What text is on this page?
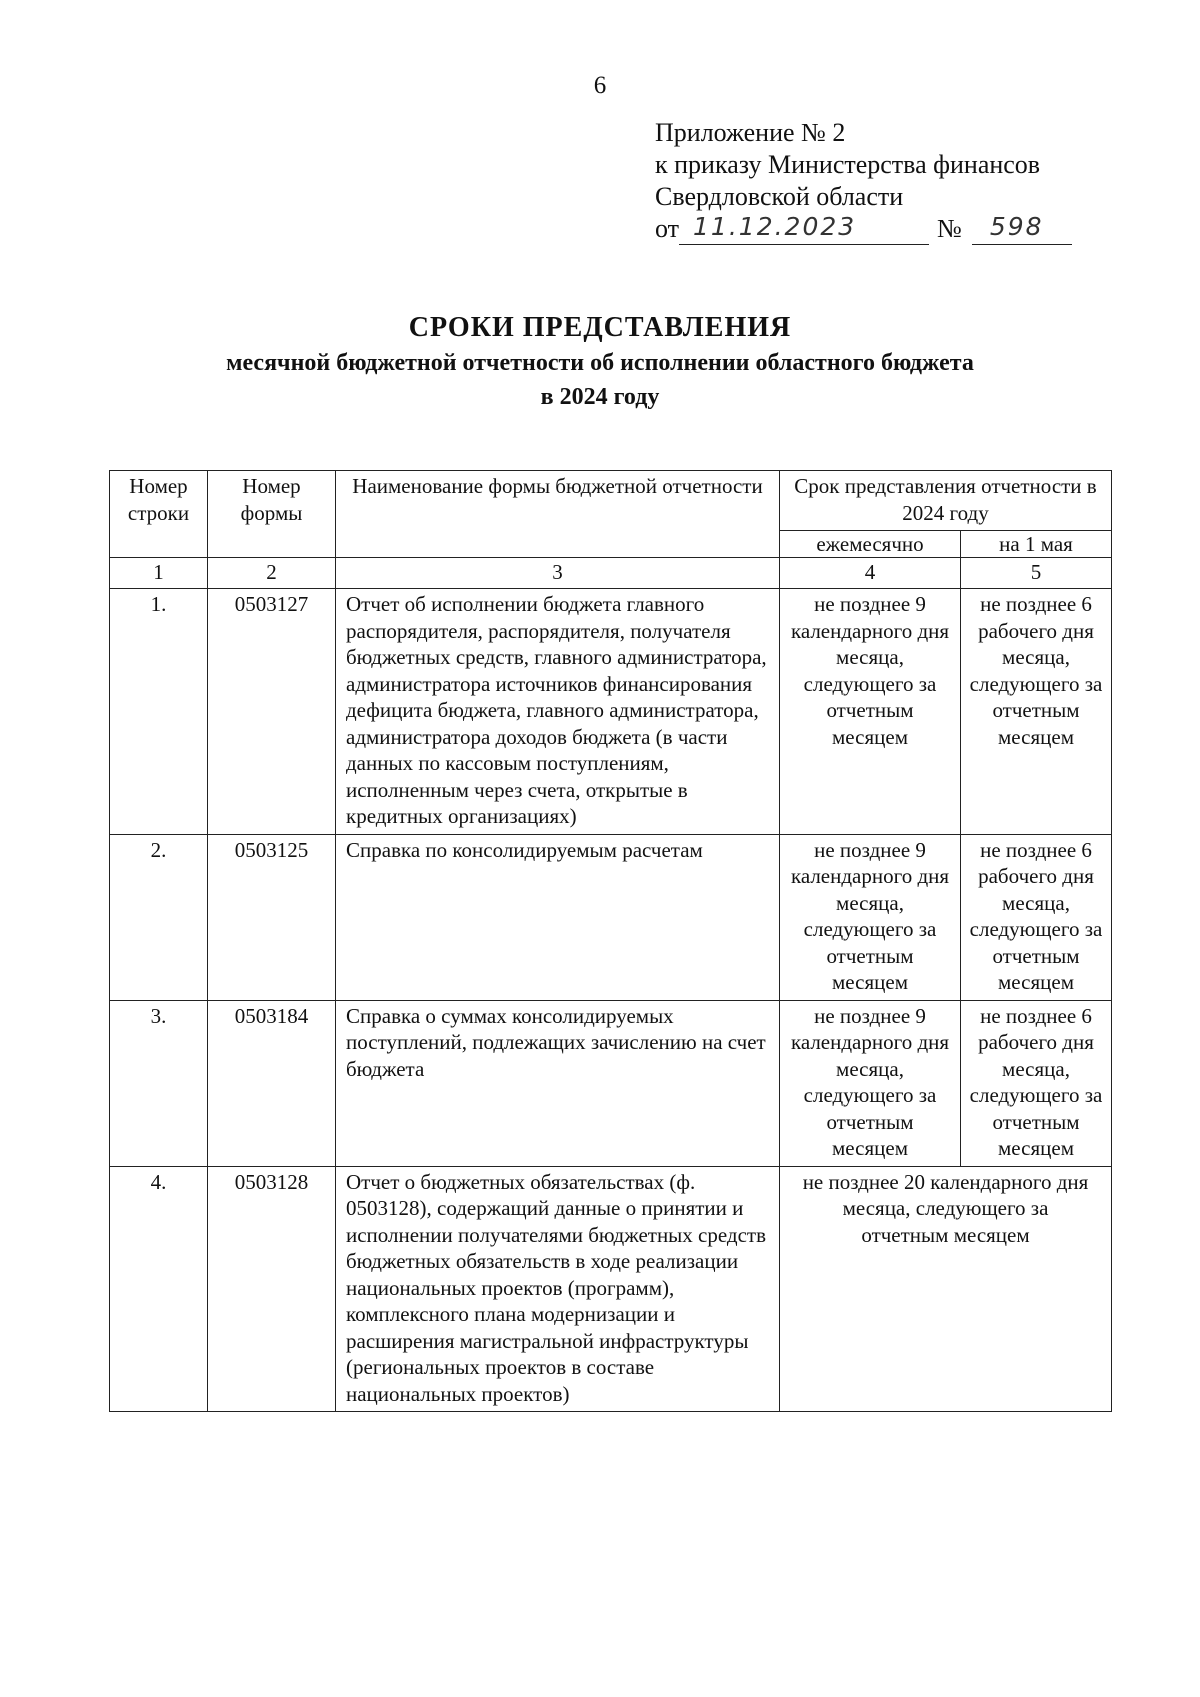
6
Приложение № 2
к приказу Министерства финансов
Свердловской области
от 11.12.2023	№ 598
СРОКИ ПРЕДСТАВЛЕНИЯ
месячной бюджетной отчетности об исполнении областного бюджета
в 2024 году
Номер строки	Номер формы	Наименование формы бюджетной отчетности	Срок представления отчетности в 2024 году	
			ежемесячно	на 1 мая
1	2	3	4	5
1.	0503127	Отчет об исполнении бюджета главного распорядителя, распорядителя, получателя бюджетных средств, главного администратора, администратора источников финансирования дефицита бюджета, главного администратора, администратора доходов бюджета (в части данных по кассовым поступлениям, исполненным через счета, открытые в кредитных организациях)	не позднее 9 календарного дня месяца, следующего за отчетным месяцем	не позднее 6 рабочего дня месяца, следующего за отчетным месяцем
2.	0503125	Справка по консолидируемым расчетам	не позднее 9 календарного дня месяца, следующего за отчетным месяцем	не позднее 6 рабочего дня месяца, следующего за отчетным месяцем
3.	0503184	Справка о суммах консолидируемых поступлений, подлежащих зачислению на счет бюджета	не позднее 9 календарного дня месяца, следующего за отчетным месяцем	не позднее 6 рабочего дня месяца, следующего за отчетным месяцем
4.	0503128	Отчет о бюджетных обязательствах (ф. 0503128), содержащий данные о принятии и исполнении получателями бюджетных средств бюджетных обязательств в ходе реализации национальных проектов (программ), комплексного плана модернизации и расширения магистральной инфраструктуры (региональных проектов в составе национальных проектов)	не позднее 20 календарного дня месяца, следующего за отчетным месяцем	
